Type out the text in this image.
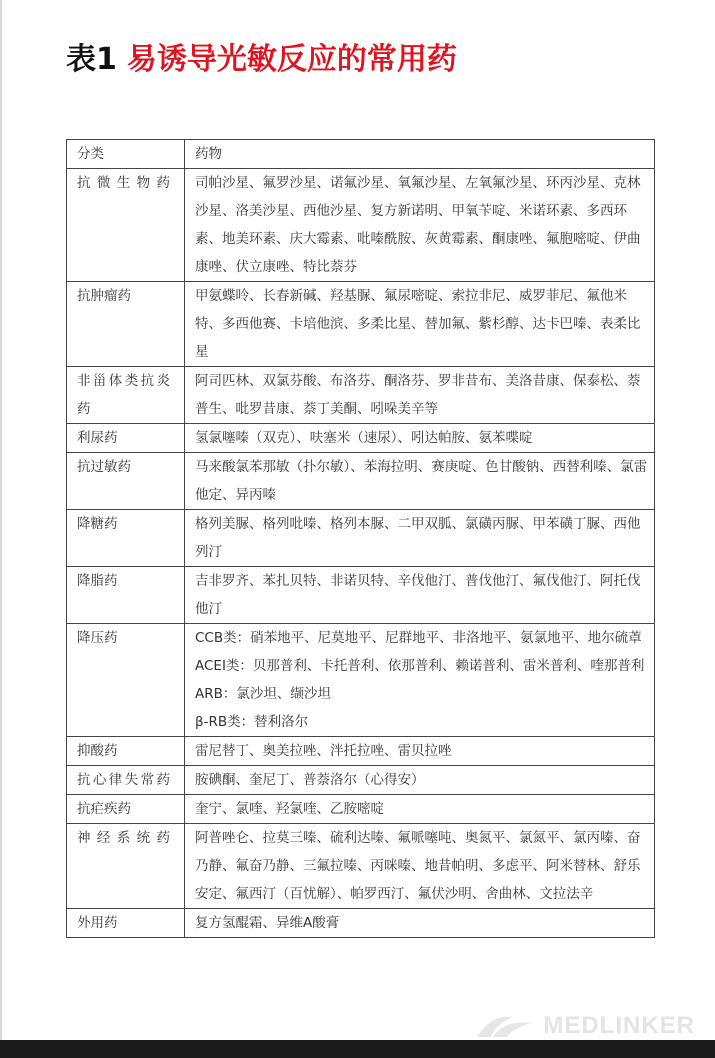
表1 易诱导光敏反应的常用药
分类	药物
抗微生物药	司帕沙星、氟罗沙星、诺氟沙星、氧氟沙星、左氧氟沙星、环丙沙星、克林沙星、洛美沙星、西他沙星、复方新诺明、甲氧苄啶、米诺环素、多西环素、地美环素、庆大霉素、吡嗪酰胺、灰黄霉素、酮康唑、氟胞嘧啶、伊曲康唑、伏立康唑、特比萘芬

抗肿瘤药	甲氨蝶呤、长春新碱、羟基脲、氟尿嘧啶、索拉非尼、威罗菲尼、氟他米特、多西他赛、卡培他滨、多柔比星、替加氟、紫杉醇、达卡巴嗪、表柔比星

非甾体类抗炎药	阿司匹林、双氯芬酸、布洛芬、酮洛芬、罗非昔布、美洛昔康、保泰松、萘普生、吡罗昔康、萘丁美酮、吲哚美辛等

利尿药	氢氯噻嗪（双克）、呋塞米（速尿）、吲达帕胺、氨苯喋啶

抗过敏药	马来酸氯苯那敏（扑尔敏）、苯海拉明、赛庚啶、色甘酸钠、西替利嗪、氯雷他定、异丙嗪

降糖药	格列美脲、格列吡嗪、格列本脲、二甲双胍、氯磺丙脲、甲苯磺丁脲、西他列汀

降脂药	吉非罗齐、苯扎贝特、非诺贝特、辛伐他汀、普伐他汀、氟伐他汀、阿托伐他汀

降压药	CCB类：硝苯地平、尼莫地平、尼群地平、非洛地平、氨氯地平、地尔硫䓬
ACEI类：贝那普利、卡托普利、依那普利、赖诺普利、雷米普利、喹那普利
ARB：氯沙坦、缬沙坦
β-RB类：替利洛尔

抑酸药	雷尼替丁、奥美拉唑、泮托拉唑、雷贝拉唑

抗心律失常药	胺碘酮、奎尼丁、普萘洛尔（心得安）

抗疟疾药	奎宁、氯喹、羟氯喹、乙胺嘧啶

神经系统药	阿普唑仑、拉莫三嗪、硫利达嗪、氟哌噻吨、奥氮平、氯氮平、氯丙嗪、奋乃静、氟奋乃静、三氟拉嗪、丙咪嗪、地昔帕明、多虑平、阿米替林、舒乐安定、氟西汀（百忧解）、帕罗西汀、氟伏沙明、舍曲林、文拉法辛

外用药	复方氢醌霜、异维A酸膏
MEDLINKER
